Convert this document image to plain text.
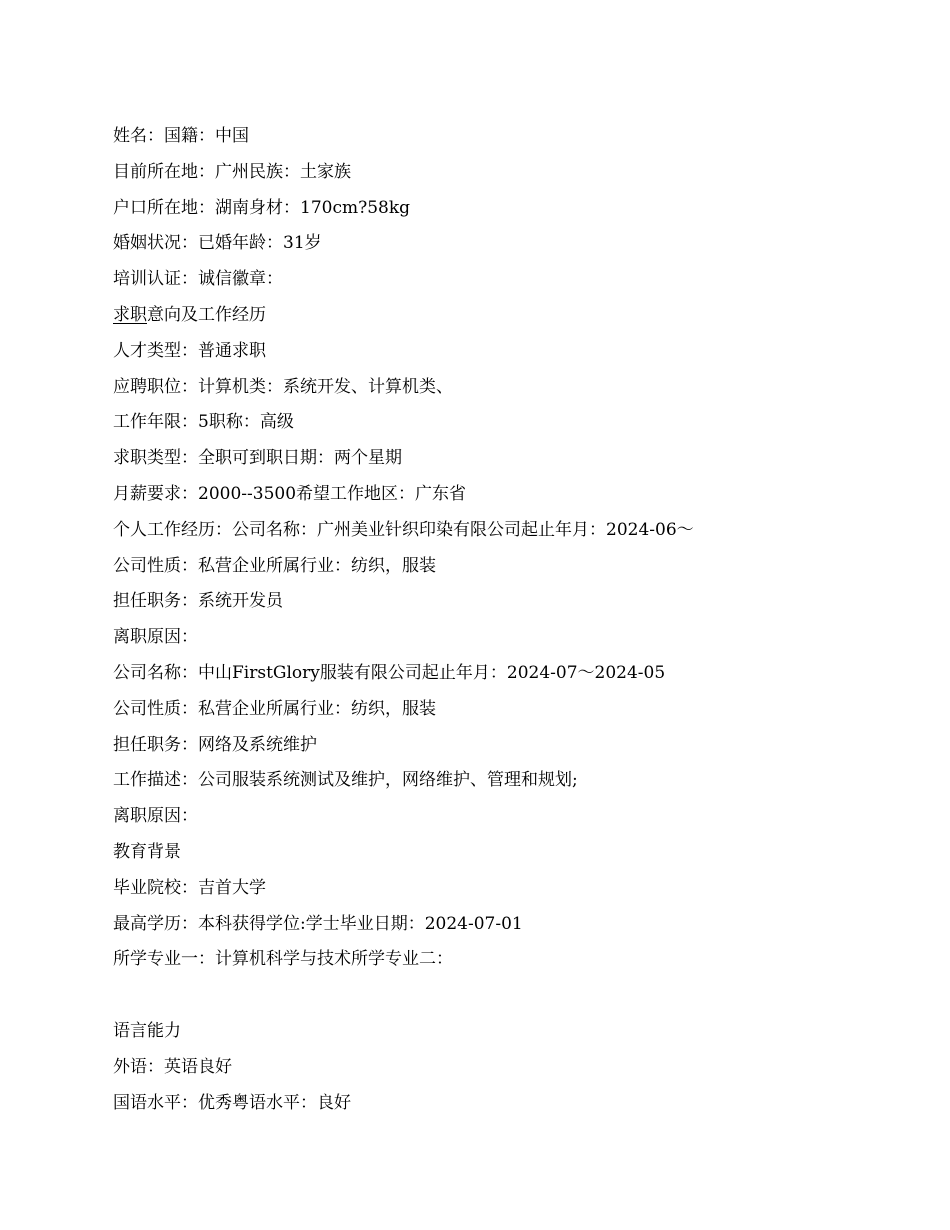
姓名：国籍：中国
目前所在地：广州民族：土家族
户口所在地：湖南身材：170cm?58kg
婚姻状况：已婚年龄：31岁
培训认证：诚信徽章：
求职意向及工作经历
人才类型：普通求职
应聘职位：计算机类：系统开发、计算机类、
工作年限：5职称：高级
求职类型：全职可到职日期：两个星期
月薪要求：2000--3500希望工作地区：广东省
个人工作经历：公司名称：广州美业针织印染有限公司起止年月：2024-06～
公司性质：私营企业所属行业：纺织，服装
担任职务：系统开发员
离职原因：
公司名称：中山FirstGlory服装有限公司起止年月：2024-07～2024-05
公司性质：私营企业所属行业：纺织，服装
担任职务：网络及系统维护
工作描述：公司服装系统测试及维护，网络维护、管理和规划;
离职原因：
教育背景
毕业院校：吉首大学
最高学历：本科获得学位:学士毕业日期：2024-07-01
所学专业一：计算机科学与技术所学专业二：
语言能力
外语：英语良好
国语水平：优秀粤语水平：良好
